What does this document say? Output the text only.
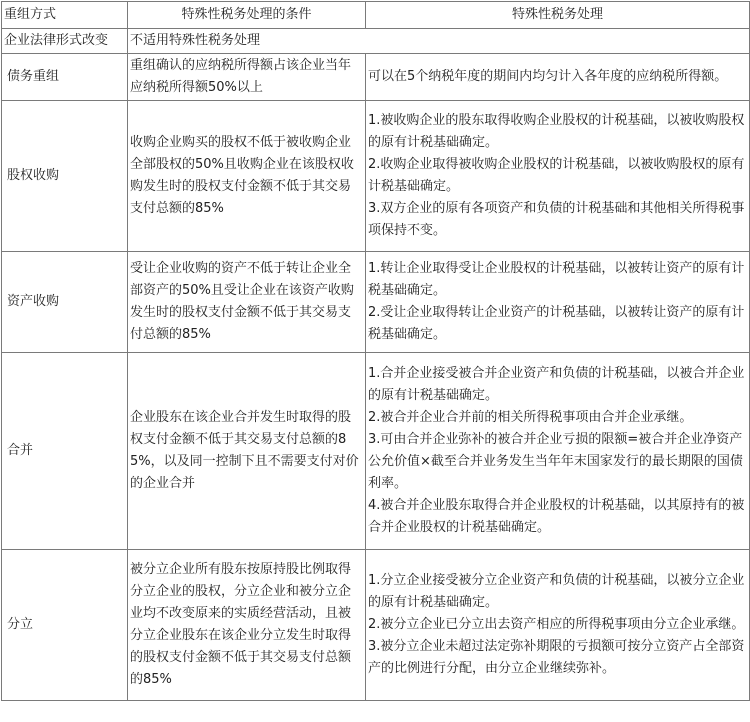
重组方式	特殊性税务处理的条件	特殊性税务处理
企业法律形式改变	不适用特殊性税务处理	
债务重组	重组确认的应纳税所得额占该企业当年应纳税所得额50%以上	可以在5个纳税年度的期间内均匀计入各年度的应纳税所得额。

股权收购	收购企业购买的股权不低于被收购企业全部股权的50%且收购企业在该股权收购发生时的股权支付金额不低于其交易支付总额的85%	1.被收购企业的股东取得收购企业股权的计税基础，以被收购股权的原有计税基础确定。
2.收购企业取得被收购企业股权的计税基础，以被收购股权的原有计税基础确定。
3.双方企业的原有各项资产和负债的计税基础和其他相关所得税事项保持不变。

资产收购	受让企业收购的资产不低于转让企业全部资产的50%且受让企业在该资产收购发生时的股权支付金额不低于其交易支付总额的85%	1.转让企业取得受让企业股权的计税基础，以被转让资产的原有计税基础确定。
2.受让企业取得转让企业资产的计税基础，以被转让资产的原有计税基础确定。

合并	企业股东在该企业合并发生时取得的股权支付金额不低于其交易支付总额的85%，以及同一控制下且不需要支付对价的企业合并	1.合并企业接受被合并企业资产和负债的计税基础，以被合并企业的原有计税基础确定。
2.被合并企业合并前的相关所得税事项由合并企业承继。
3.可由合并企业弥补的被合并企业亏损的限额=被合并企业净资产公允价值×截至合并业务发生当年年末国家发行的最长期限的国债利率。
4.被合并企业股东取得合并企业股权的计税基础，以其原持有的被合并企业股权的计税基础确定。

分立	被分立企业所有股东按原持股比例取得分立企业的股权，分立企业和被分立企业均不改变原来的实质经营活动，且被分立企业股东在该企业分立发生时取得的股权支付金额不低于其交易支付总额的85%	1.分立企业接受被分立企业资产和负债的计税基础，以被分立企业的原有计税基础确定。
2.被分立企业已分立出去资产相应的所得税事项由分立企业承继。
3.被分立企业未超过法定弥补期限的亏损额可按分立资产占全部资产的比例进行分配，由分立企业继续弥补。
